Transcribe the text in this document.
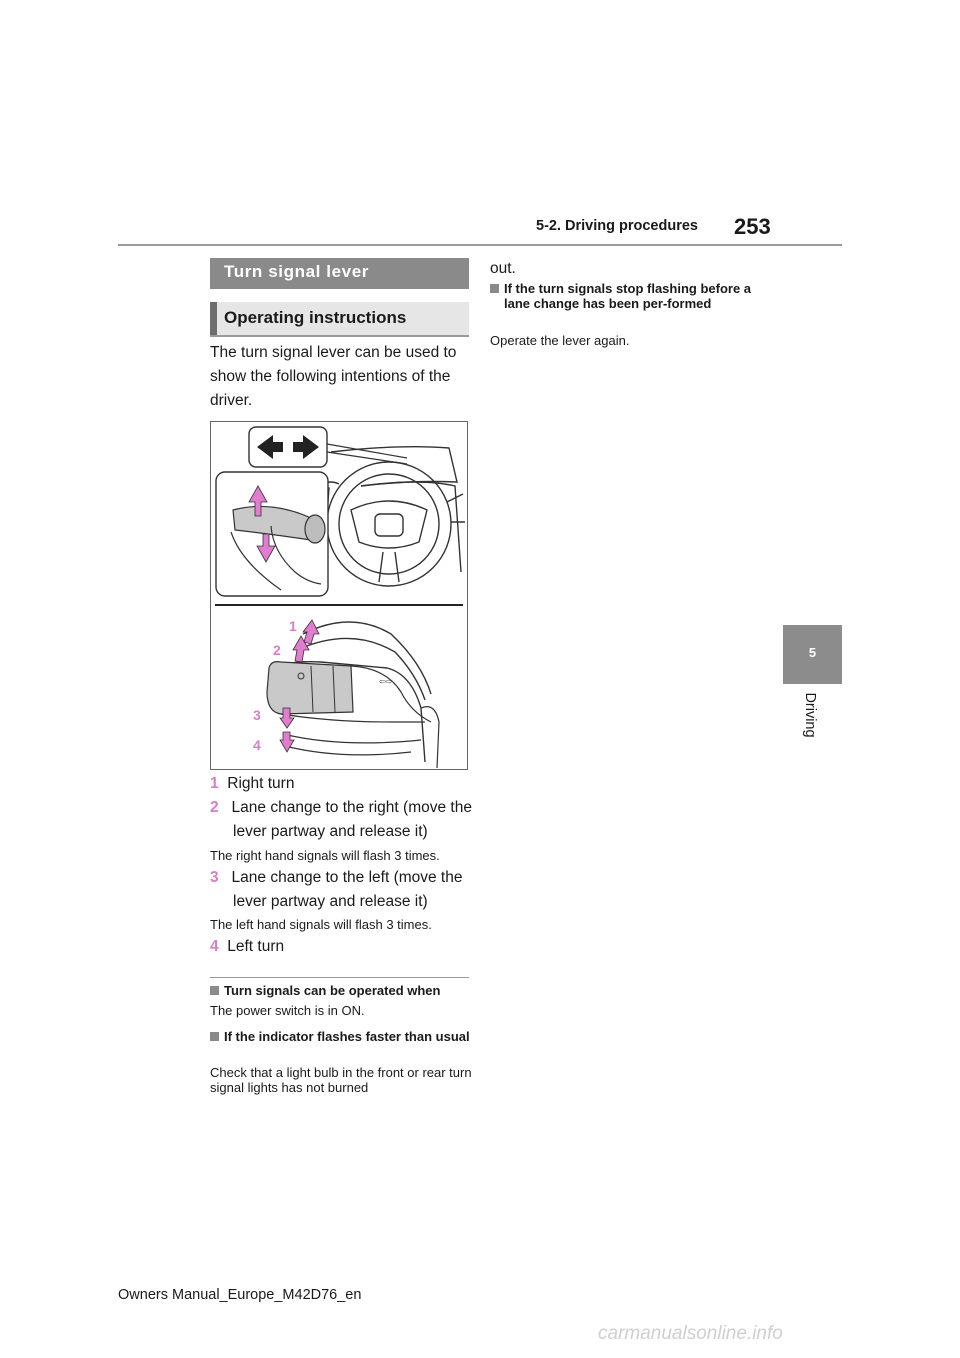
5-2. Driving procedures 253
5
Driving
Turn signal lever
Operating instructions
The turn signal lever can be used to show the following intentions of the driver.
⇦⇨
1
2
3
4
1 Right turn
2 Lane change to the right (move the lever partway and release it)
The right hand signals will flash 3 times.
3 Lane change to the left (move the lever partway and release it)
The left hand signals will flash 3 times.
4 Left turn
Turn signals can be operated when
The power switch is in ON.
If the indicator flashes faster than usual
Check that a light bulb in the front or rear turn signal lights has not burned
out.
If the turn signals stop flashing before a lane change has been per-formed
Operate the lever again.
Owners Manual_Europe_M42D76_en
carmanualsonline.info
